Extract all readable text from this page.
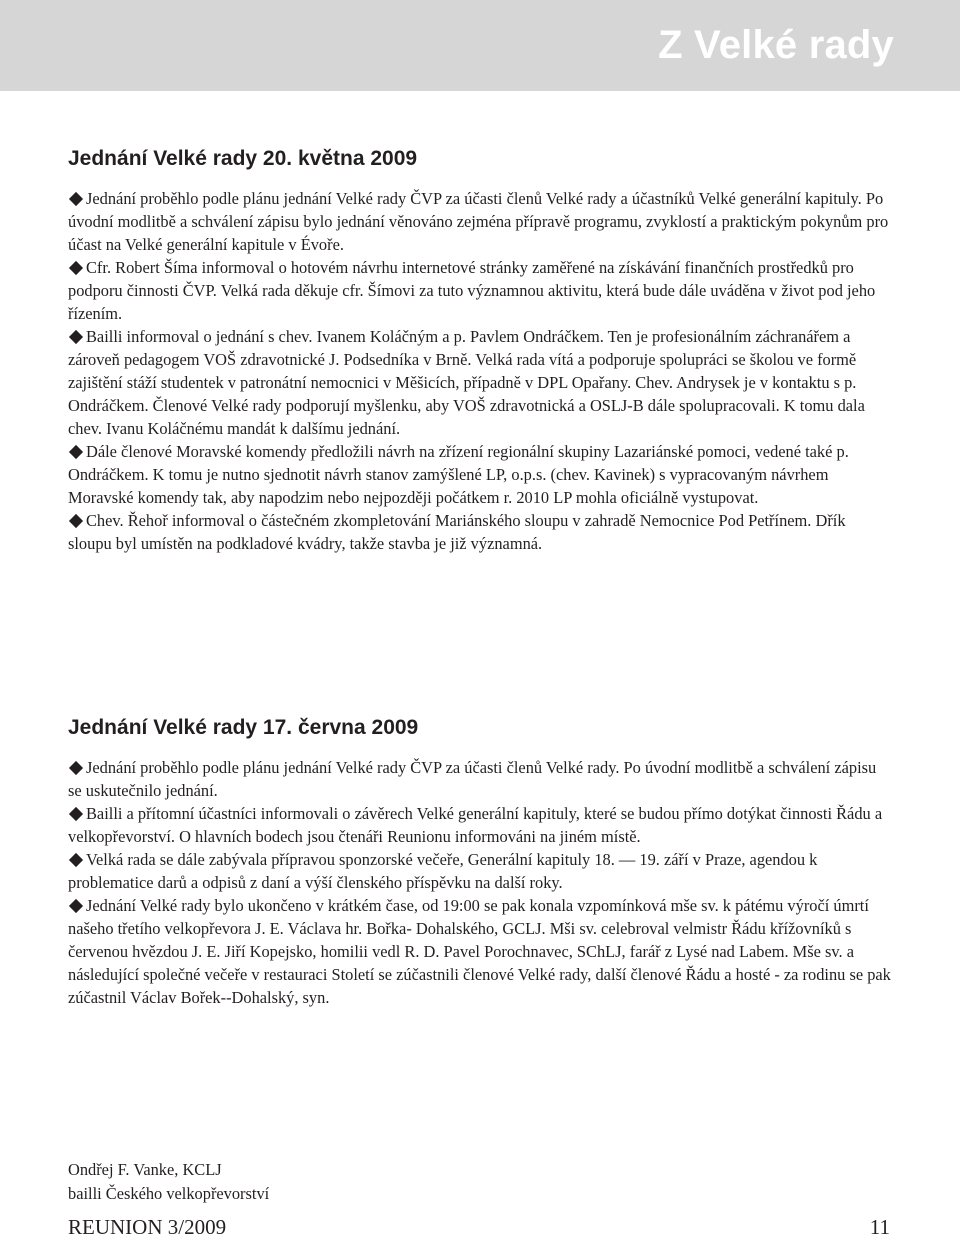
Z Velké rady
Jednání Velké rady 20. května 2009

Jednání proběhlo podle plánu jednání Velké rady ČVP za účasti členů Velké rady a účastníků Velké generální kapituly. Po úvodní modlitbě a schválení zápisu bylo jednání věnováno zejména přípravě programu, zvyklostí a praktickým pokynům pro účast na Velké generální kapitule v Évoře.

Cfr. Robert Šíma informoval o hotovém návrhu internetové stránky zaměřené na získávání finančních prostředků pro podporu činnosti ČVP. Velká rada děkuje cfr. Šímovi za tuto významnou aktivitu, která bude dále uváděna v život pod jeho řízením.

Bailli informoval o jednání s chev. Ivanem Koláčným a p. Pavlem Ondráčkem. Ten je profesionálním záchranářem a zároveň pedagogem VOŠ zdravotnické J. Podsedníka v Brně. Velká rada vítá a podporuje spolupráci se školou ve formě zajištění stáží studentek v patronátní nemocnici v Měšicích, případně v DPL Opařany. Chev. Andrysek je v kontaktu s p. Ondráčkem. Členové Velké rady podporují myšlenku, aby VOŠ zdravotnická a OSLJ-B dále spolupracovali. K tomu dala chev. Ivanu Koláčnému mandát k dalšímu jednání.

Dále členové Moravské komendy předložili návrh na zřízení regionální skupiny Lazariánské pomoci, vedené také p. Ondráčkem. K tomu je nutno sjednotit návrh stanov zamýšlené LP, o.p.s. (chev. Kavinek) s vypracovaným návrhem Moravské komendy tak, aby napodzim nebo nejpozději počátkem r. 2010 LP mohla oficiálně vystupovat.

Chev. Řehoř informoval o částečném zkompletování Mariánského sloupu v zahradě Nemocnice Pod Petřínem. Dřík sloupu byl umístěn na podkladové kvádry, takže stavba je již významná.

Jednání Velké rady 17. června 2009

Jednání proběhlo podle plánu jednání Velké rady ČVP za účasti členů Velké rady. Po úvodní modlitbě a schválení zápisu se uskutečnilo jednání.

Bailli a přítomní účastníci informovali o závěrech Velké generální kapituly, které se budou přímo dotýkat činnosti Řádu a velkopřevorství. O hlavních bodech jsou čtenáři Reunionu informováni na jiném místě.

Velká rada se dále zabývala přípravou sponzorské večeře, Generální kapituly 18. — 19. září v Praze, agendou k problematice darů a odpisů z daní a výší členského příspěvku na další roky.

Jednání Velké rady bylo ukončeno v krátkém čase, od 19:00 se pak konala vzpomínková mše sv. k pátému výročí úmrtí našeho třetího velkopřevora J. E. Václava hr. Bořka- Dohalského, GCLJ. Mši sv. celebroval velmistr Řádu křížovníků s červenou hvězdou J. E. Jiří Kopejsko, homilii vedl R. D. Pavel Porochnavec, SChLJ, farář z Lysé nad Labem. Mše sv. a následující společné večeře v restauraci Století se zúčastnili členové Velké rady, další členové Řádu a hosté - za rodinu se pak zúčastnil Václav Bořek--Dohalský, syn.

Ondřej F. Vanke, KCLJ
bailli Českého velkopřevorství
REUNION 3/2009	11
